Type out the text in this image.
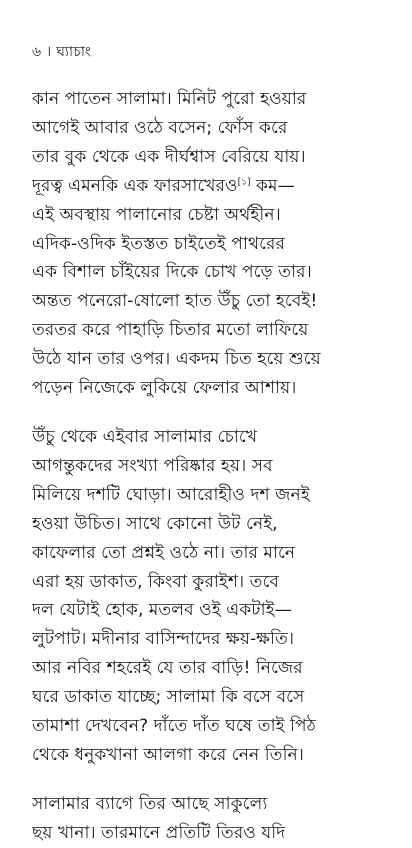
৬ । ঘ্যাচাং

কান পাতেন সালামা। মিনিট পুরো হওয়ার
আগেই আবার ওঠে বসেন; ফোঁস করে
তার বুক থেকে এক দীর্ঘশ্বাস বেরিয়ে যায়।
দূরত্ব এমনকি এক ফারসাখেরও[১] কম—
এই অবস্থায় পালানোর চেষ্টা অর্থহীন।
এদিক-ওদিক ইতস্তত চাইতেই পাথরের
এক বিশাল চাঁইয়ের দিকে চোখ পড়ে তার।
অন্তত পনেরো-ষোলো হাত উঁচু তো হবেই!
তরতর করে পাহাড়ি চিতার মতো লাফিয়ে
উঠে যান তার ওপর। একদম চিত হয়ে শুয়ে
পড়েন নিজেকে লুকিয়ে ফেলার আশায়।

উঁচু থেকে এইবার সালামার চোখে
আগন্তুকদের সংখ্যা পরিষ্কার হয়। সব
মিলিয়ে দশটি ঘোড়া। আরোহীও দশ জনই
হওয়া উচিত। সাথে কোনো উট নেই,
কাফেলার তো প্রশ্নই ওঠে না। তার মানে
এরা হয় ডাকাত, কিংবা কুরাইশ। তবে
দল যেটাই হোক, মতলব ওই একটাই—
লুটপাট। মদীনার বাসিন্দাদের ক্ষয়-ক্ষতি।
আর নবির শহরেই যে তার বাড়ি! নিজের
ঘরে ডাকাত যাচ্ছে; সালামা কি বসে বসে
তামাশা দেখবেন? দাঁতে দাঁত ঘষে তাই পিঠ
থেকে ধনুকখানা আলগা করে নেন তিনি।

সালামার ব্যাগে তির আছে সাকুল্যে
ছয় খানা। তারমানে প্রতিটি তিরও যদি
